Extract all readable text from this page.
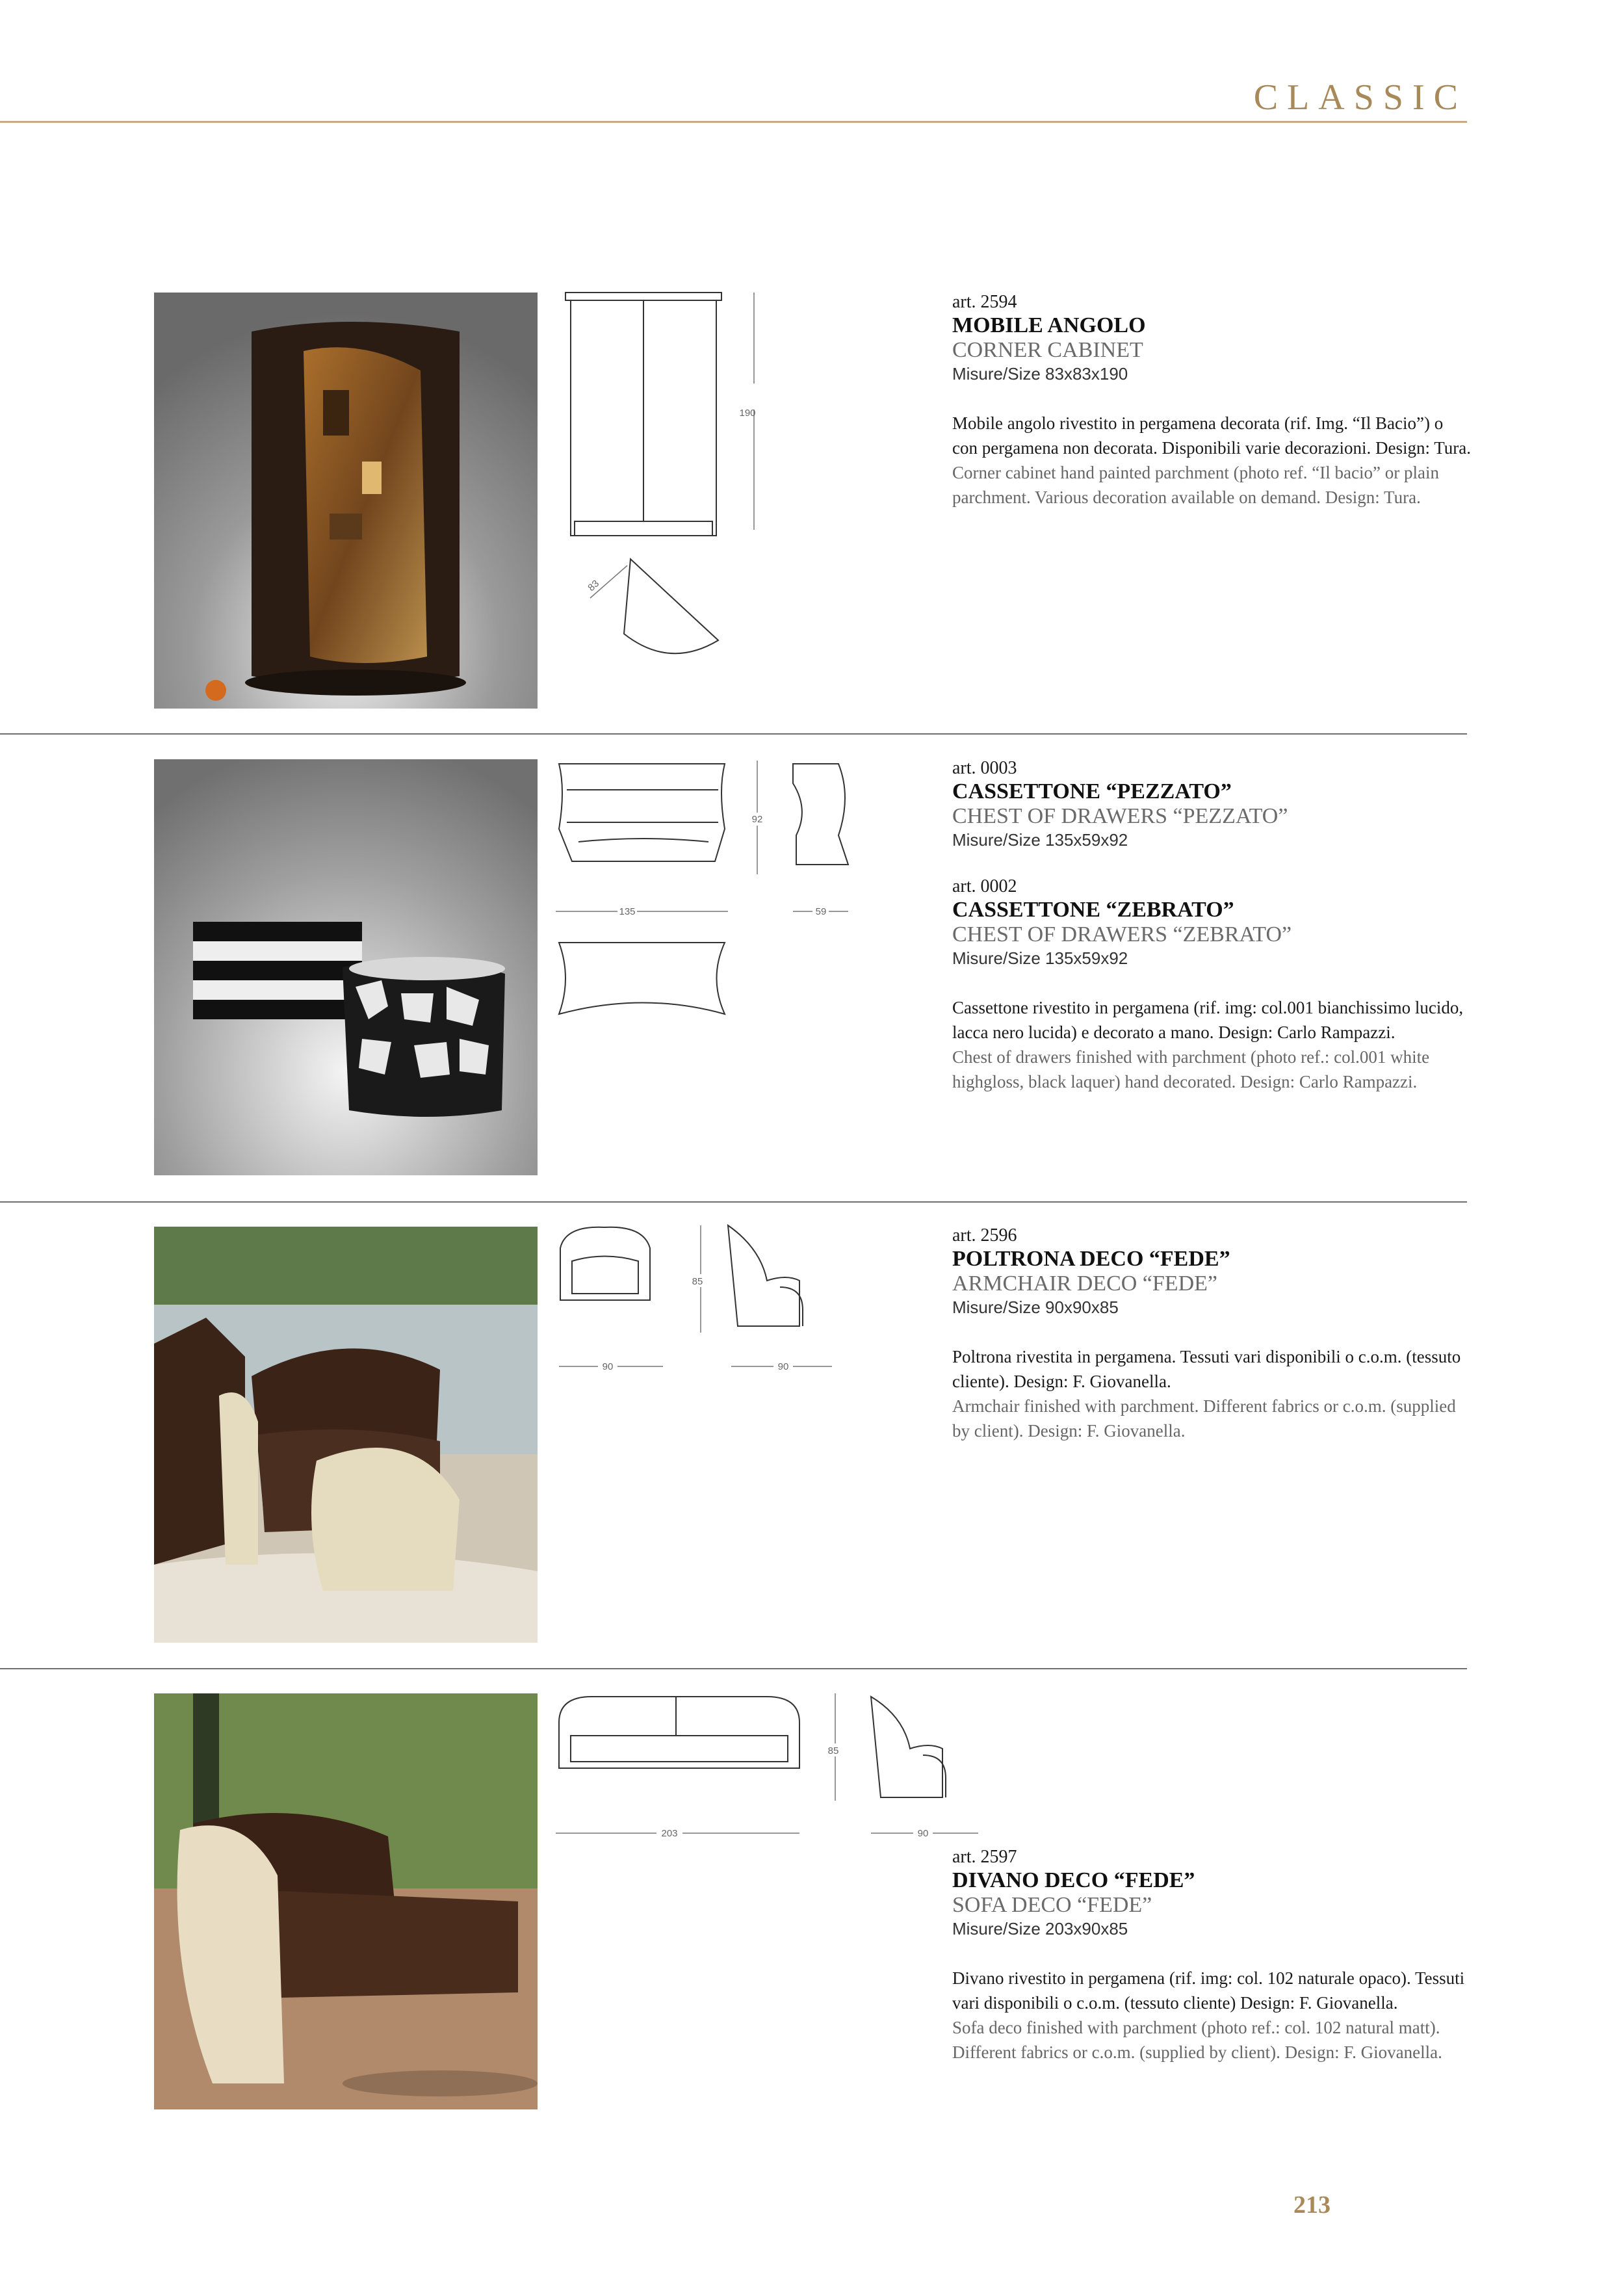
CLASSIC
190
83
art. 2594
MOBILE ANGOLO
CORNER CABINET
Misure/Size 83x83x190
Mobile angolo rivestito in pergamena decorata (rif. Img. “Il Bacio”) o con pergamena non decorata. Disponibili varie decorazioni. Design: Tura.
Corner cabinet hand painted parchment (photo ref. “Il bacio” or plain parchment. Various decoration available on demand. Design: Tura.
92
135	59
art. 0003
CASSETTONE “PEZZATO”
CHEST OF DRAWERS “PEZZATO”
Misure/Size 135x59x92
art. 0002
CASSETTONE “ZEBRATO”
CHEST OF DRAWERS “ZEBRATO”
Misure/Size 135x59x92
Cassettone rivestito in pergamena (rif. img: col.001 bianchissimo lucido, lacca nero lucida) e decorato a mano. Design: Carlo Rampazzi.
Chest of drawers finished with parchment (photo ref.: col.001 white highgloss, black laquer) hand decorated. Design: Carlo Rampazzi.
85
90	90
art. 2596
POLTRONA DECO “FEDE”
ARMCHAIR DECO “FEDE”
Misure/Size 90x90x85
Poltrona rivestita in pergamena. Tessuti vari disponibili o c.o.m. (tessuto cliente). Design: F. Giovanella.
Armchair finished with parchment. Different fabrics or c.o.m. (supplied by client). Design: F. Giovanella.
85
203	90
art. 2597
DIVANO DECO “FEDE”
SOFA DECO “FEDE”
Misure/Size 203x90x85
Divano rivestito in pergamena (rif. img: col. 102 naturale opaco). Tessuti vari disponibili o c.o.m. (tessuto cliente) Design: F. Giovanella.
Sofa deco finished with parchment (photo ref.: col. 102 natural matt). Different fabrics or c.o.m. (supplied by client). Design: F. Giovanella.
213
